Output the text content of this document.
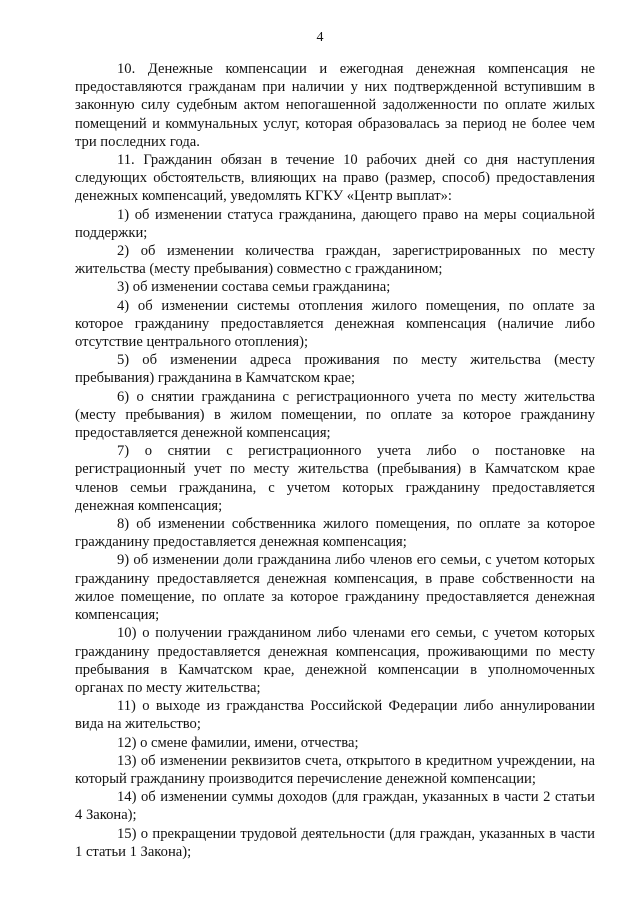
4

10. Денежные компенсации и ежегодная денежная компенсация не предоставляются гражданам при наличии у них подтвержденной вступившим в законную силу судебным актом непогашенной задолженности по оплате жилых помещений и коммунальных услуг, которая образовалась за период не более чем три последних года.

11. Гражданин обязан в течение 10 рабочих дней со дня наступления следующих обстоятельств, влияющих на право (размер, способ) предоставления денежных компенсаций, уведомлять КГКУ «Центр выплат»:

1) об изменении статуса гражданина, дающего право на меры социальной поддержки;

2) об изменении количества граждан, зарегистрированных по месту жительства (месту пребывания) совместно с гражданином;

3) об изменении состава семьи гражданина;

4) об изменении системы отопления жилого помещения, по оплате за которое гражданину предоставляется денежная компенсация (наличие либо отсутствие центрального отопления);

5) об изменении адреса проживания по месту жительства (месту пребывания) гражданина в Камчатском крае;

6) о снятии гражданина с регистрационного учета по месту жительства (месту пребывания) в жилом помещении, по оплате за которое гражданину предоставляется денежной компенсация;

7) о снятии с регистрационного учета либо о постановке на регистрационный учет по месту жительства (пребывания) в Камчатском крае членов семьи гражданина, с учетом которых гражданину предоставляется денежная компенсация;

8) об изменении собственника жилого помещения, по оплате за которое гражданину предоставляется денежная компенсация;

9) об изменении доли гражданина либо членов его семьи, с учетом которых гражданину предоставляется денежная компенсация, в праве собственности на жилое помещение, по оплате за которое гражданину предоставляется денежная компенсация;

10) о получении гражданином либо членами его семьи, с учетом которых гражданину предоставляется денежная компенсация, проживающими по месту пребывания в Камчатском крае, денежной компенсации в уполномоченных органах по месту жительства;

11) о выходе из гражданства Российской Федерации либо аннулировании вида на жительство;

12) о смене фамилии, имени, отчества;

13) об изменении реквизитов счета, открытого в кредитном учреждении, на который гражданину производится перечисление денежной компенсации;

14) об изменении суммы доходов (для граждан, указанных в части 2 статьи 4 Закона);

15) о прекращении трудовой деятельности (для граждан, указанных в части 1 статьи 1 Закона);
